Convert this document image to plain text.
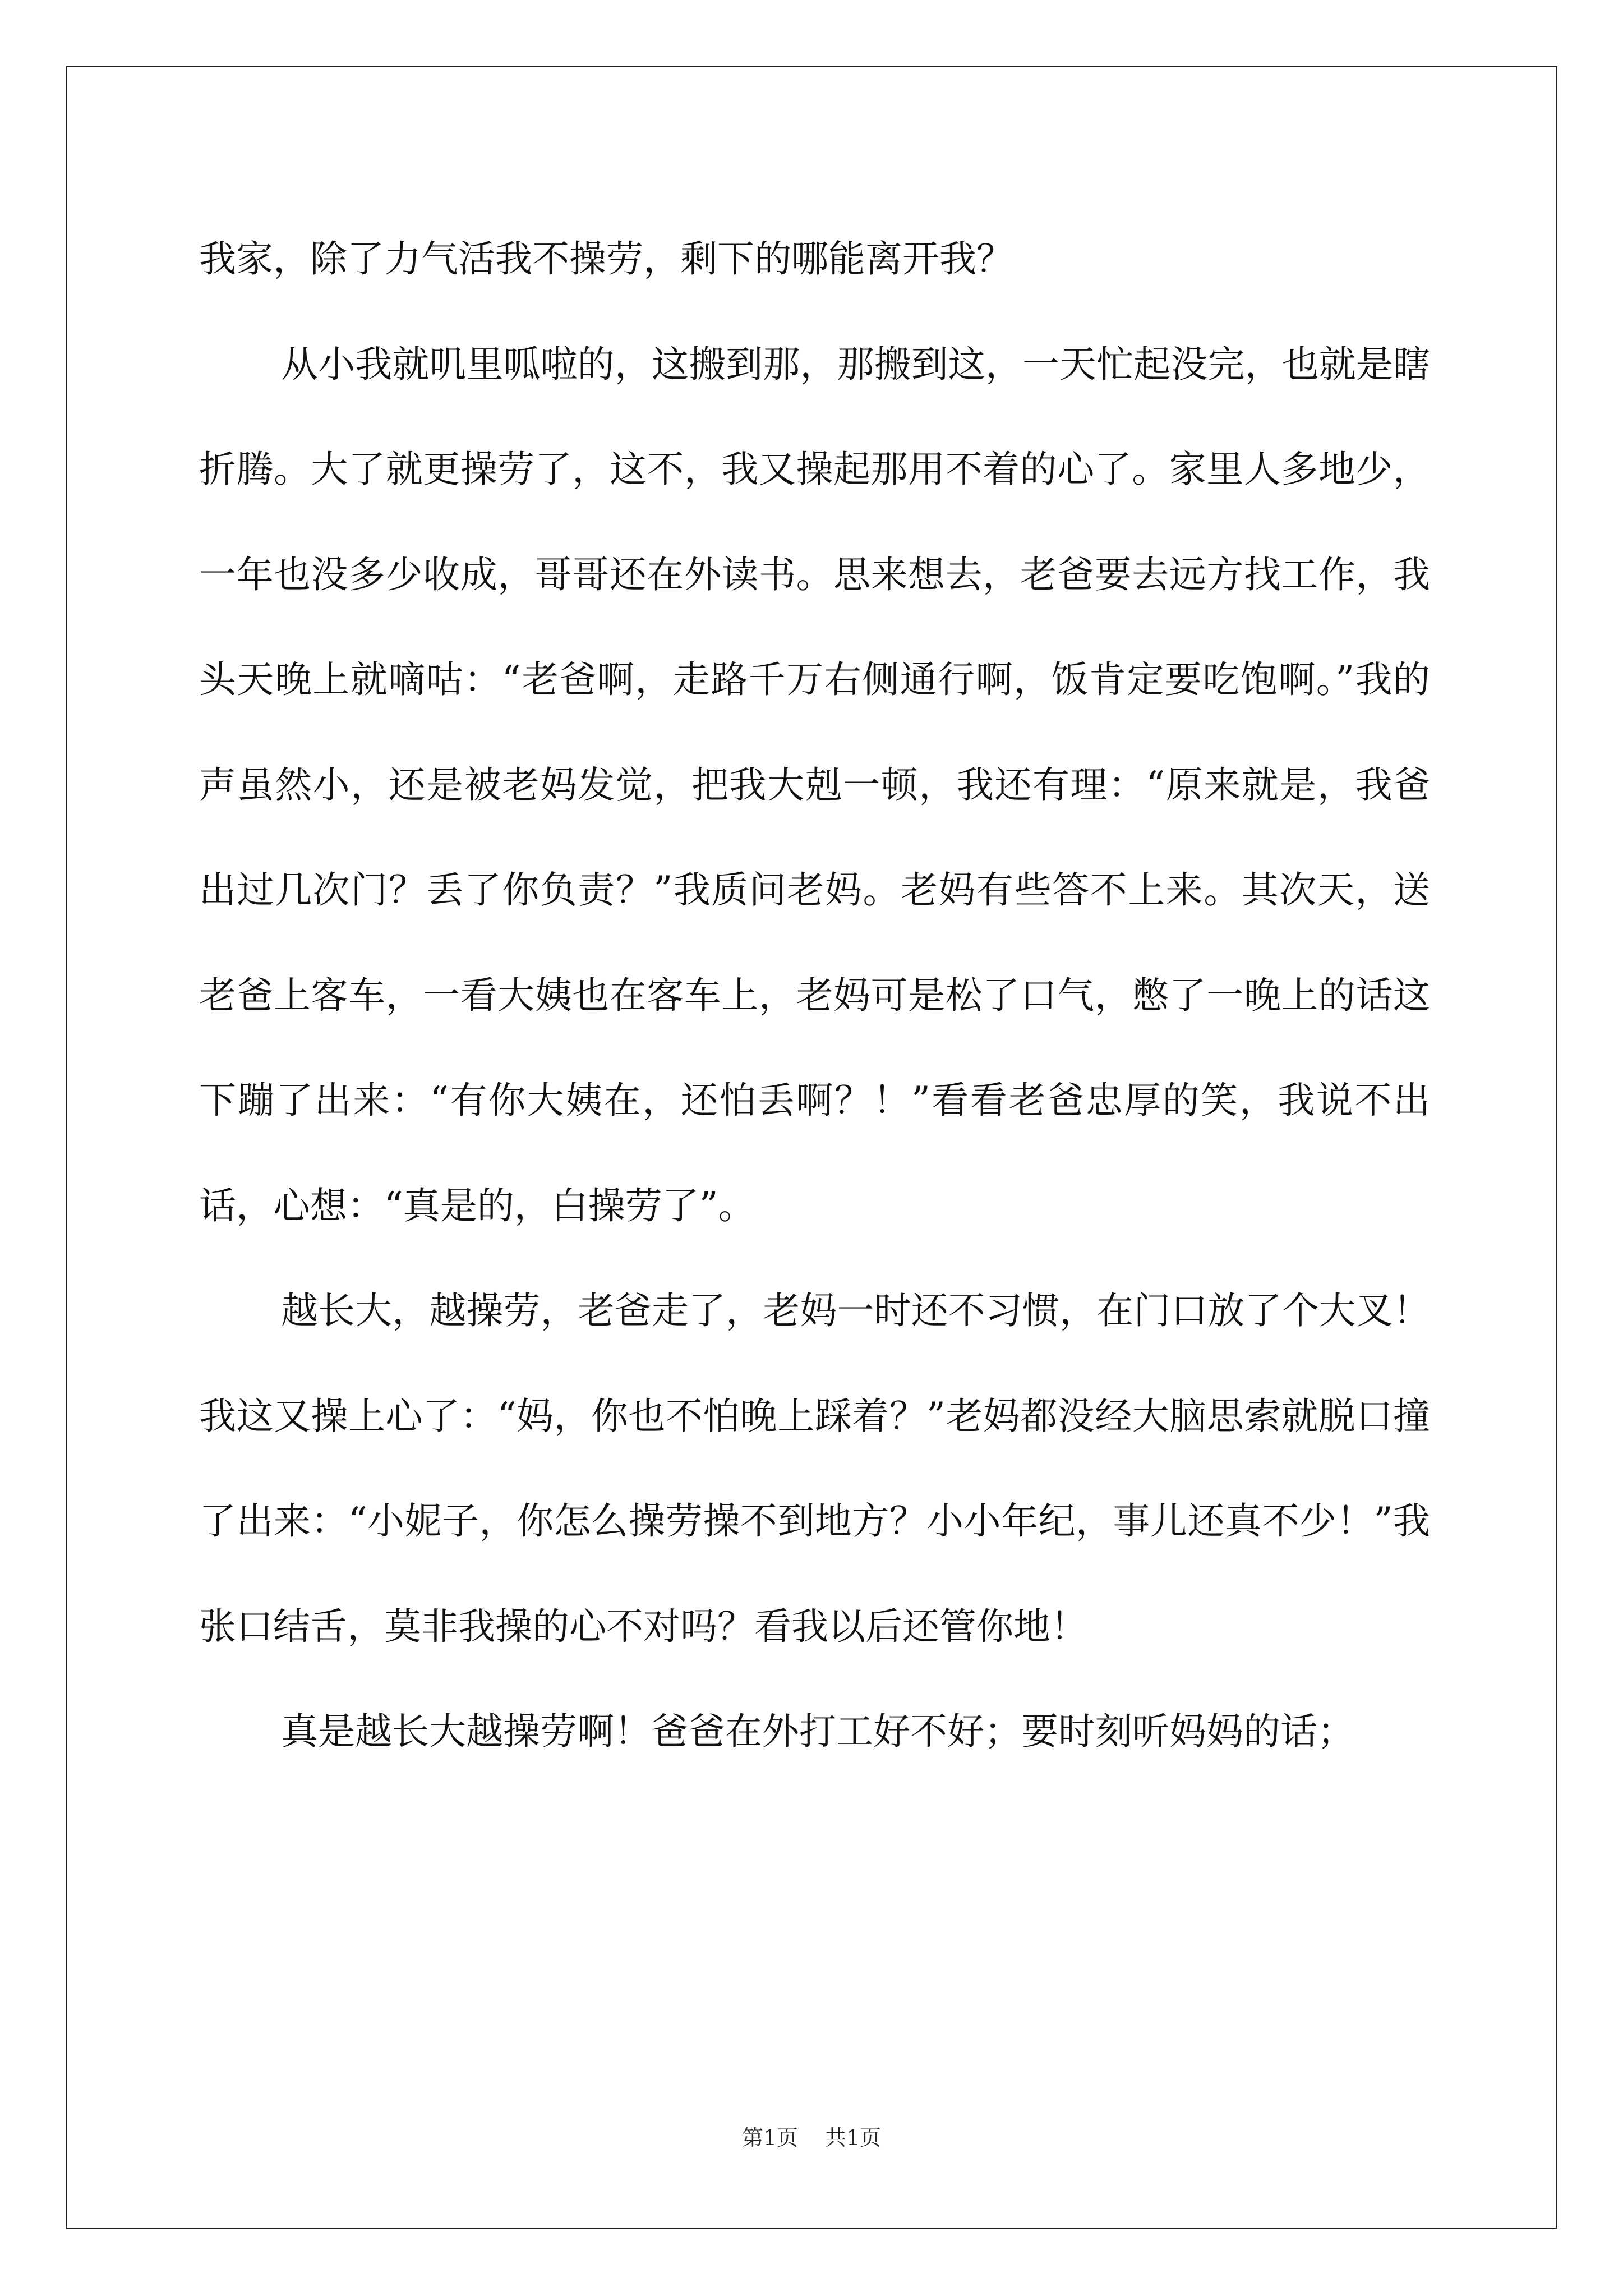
我家，除了力气活我不操劳，剩下的哪能离开我？

从小我就叽里呱啦的，这搬到那，那搬到这，一天忙起没完，也就是瞎折腾。大了就更操劳了，这不，我又操起那用不着的心了。家里人多地少，一年也没多少收成，哥哥还在外读书。思来想去，老爸要去远方找工作，我头天晚上就嘀咕：“老爸啊，走路千万右侧通行啊，饭肯定要吃饱啊。”我的声虽然小，还是被老妈发觉，把我大剋一顿，我还有理：“原来就是，我爸出过几次门？丢了你负责？”我质问老妈。老妈有些答不上来。其次天，送老爸上客车，一看大姨也在客车上，老妈可是松了口气，憋了一晚上的话这下蹦了出来：“有你大姨在，还怕丢啊？！”看看老爸忠厚的笑，我说不出话，心想：“真是的，白操劳了”。

越长大，越操劳，老爸走了，老妈一时还不习惯，在门口放了个大叉！我这又操上心了：“妈，你也不怕晚上踩着？”老妈都没经大脑思索就脱口撞了出来：“小妮子，你怎么操劳操不到地方？小小年纪，事儿还真不少！”我张口结舌，莫非我操的心不对吗？看我以后还管你地！

真是越长大越操劳啊！爸爸在外打工好不好；要时刻听妈妈的话；

第1页 共1页
